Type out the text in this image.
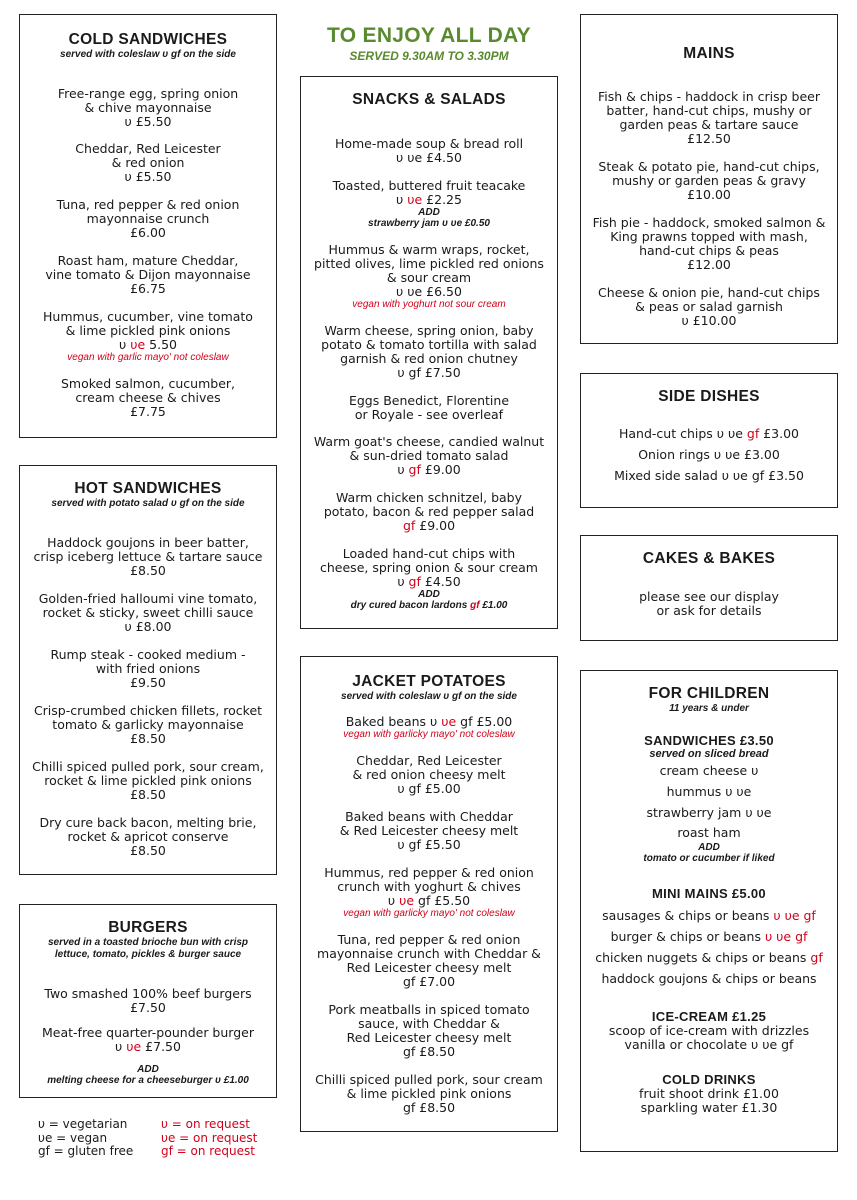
TO ENJOY ALL DAY
SERVED 9.30AM TO 3.30PM
COLD SANDWICHES
served with coleslaw υ gf on the side
Free-range egg, spring onion
& chive mayonnaise
υ £5.50
Cheddar, Red Leicester
& red onion
υ £5.50
Tuna, red pepper & red onion
mayonnaise crunch
£6.00
Roast ham, mature Cheddar,
vine tomato & Dijon mayonnaise
£6.75
Hummus, cucumber, vine tomato
& lime pickled pink onions
υ υe 5.50
vegan with garlic mayo' not coleslaw
Smoked salmon, cucumber,
cream cheese & chives
£7.75
HOT SANDWICHES
served with potato salad υ gf on the side
Haddock goujons in beer batter,
crisp iceberg lettuce & tartare sauce
£8.50
Golden-fried halloumi vine tomato,
rocket & sticky, sweet chilli sauce
υ £8.00
Rump steak - cooked medium -
with fried onions
£9.50
Crisp-crumbed chicken fillets, rocket
tomato & garlicky mayonnaise
£8.50
Chilli spiced pulled pork, sour cream,
rocket & lime pickled pink onions
£8.50
Dry cure back bacon, melting brie,
rocket & apricot conserve
£8.50
BURGERS
served in a toasted brioche bun with crisp
lettuce, tomato, pickles & burger sauce
Two smashed 100% beef burgers
£7.50
Meat-free quarter-pounder burger
υ υe £7.50
ADD
melting cheese for a cheeseburger υ £1.00
υ = vegetarian
υe = vegan
gf = gluten free
υ = on request
υe = on request
gf = on request
SNACKS & SALADS
Home-made soup & bread roll
υ υe £4.50
Toasted, buttered fruit teacake
υ υe £2.25
ADD
strawberry jam υ υe £0.50
Hummus & warm wraps, rocket,
pitted olives, lime pickled red onions
& sour cream
υ υe £6.50
vegan with yoghurt not sour cream
Warm cheese, spring onion, baby
potato & tomato tortilla with salad
garnish & red onion chutney
υ gf £7.50
Eggs Benedict, Florentine
or Royale - see overleaf
Warm goat's cheese, candied walnut
& sun-dried tomato salad
υ gf £9.00
Warm chicken schnitzel, baby
potato, bacon & red pepper salad
gf £9.00
Loaded hand-cut chips with
cheese, spring onion & sour cream
υ gf £4.50
ADD
dry cured bacon lardons gf £1.00
JACKET POTATOES
served with coleslaw υ gf on the side
Baked beans υ υe gf £5.00
vegan with garlicky mayo' not coleslaw
Cheddar, Red Leicester
& red onion cheesy melt
υ gf £5.00
Baked beans with Cheddar
& Red Leicester cheesy melt
υ gf £5.50
Hummus, red pepper & red onion
crunch with yoghurt & chives
υ υe gf £5.50
vegan with garlicky mayo' not coleslaw
Tuna, red pepper & red onion
mayonnaise crunch with Cheddar &
Red Leicester cheesy melt
gf £7.00
Pork meatballs in spiced tomato
sauce, with Cheddar &
Red Leicester cheesy melt
gf £8.50
Chilli spiced pulled pork, sour cream
& lime pickled pink onions
gf £8.50
MAINS
Fish & chips - haddock in crisp beer
batter, hand-cut chips, mushy or
garden peas & tartare sauce
£12.50
Steak & potato pie, hand-cut chips,
mushy or garden peas & gravy
£10.00
Fish pie - haddock, smoked salmon &
King prawns topped with mash,
hand-cut chips & peas
£12.00
Cheese & onion pie, hand-cut chips
& peas or salad garnish
υ £10.00
SIDE DISHES
Hand-cut chips υ υe gf £3.00
Onion rings υ υe £3.00
Mixed side salad υ υe gf £3.50
CAKES & BAKES
please see our display
or ask for details
FOR CHILDREN
11 years & under
SANDWICHES £3.50
served on sliced bread
cream cheese υ
hummus υ υe
strawberry jam υ υe
roast ham
ADD
tomato or cucumber if liked
MINI MAINS £5.00
sausages & chips or beans υ υe gf
burger & chips or beans υ υe gf
chicken nuggets & chips or beans gf
haddock goujons & chips or beans
ICE-CREAM £1.25
scoop of ice-cream with drizzles
vanilla or chocolate υ υe gf
COLD DRINKS
fruit shoot drink £1.00
sparkling water £1.30
